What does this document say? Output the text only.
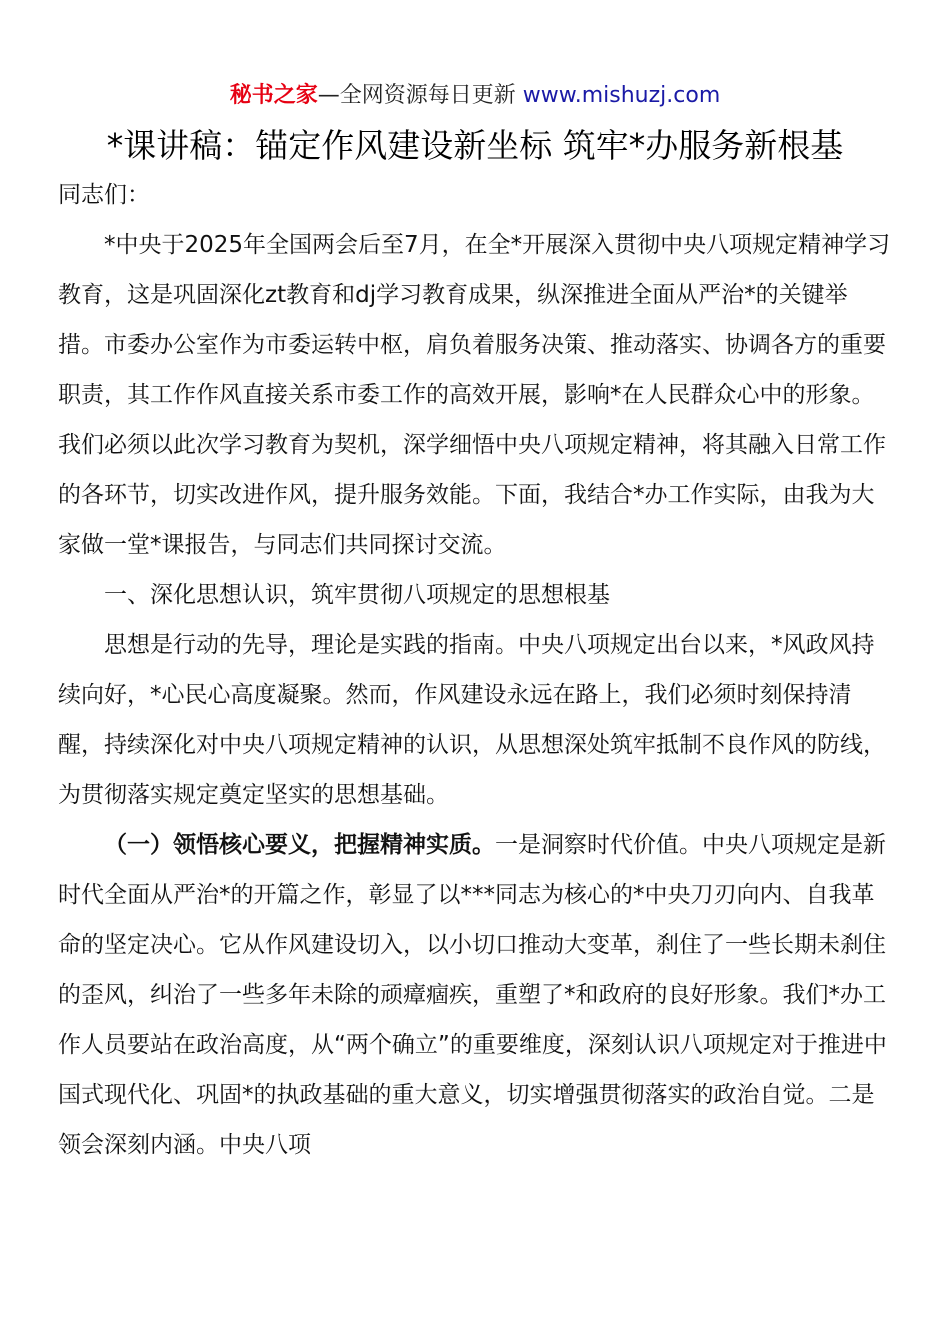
秘书之家—全网资源每日更新 www.mishuzj.com
*课讲稿：锚定作风建设新坐标 筑牢*办服务新根基

同志们：

*中央于2025年全国两会后至7月，在全*开展深入贯彻中央八项规定精神学习教育，这是巩固深化zt教育和dj学习教育成果，纵深推进全面从严治*的关键举措。市委办公室作为市委运转中枢，肩负着服务决策、推动落实、协调各方的重要职责，其工作作风直接关系市委工作的高效开展，影响*在人民群众心中的形象。我们必须以此次学习教育为契机，深学细悟中央八项规定精神，将其融入日常工作的各环节，切实改进作风，提升服务效能。下面，我结合*办工作实际，由我为大家做一堂*课报告，与同志们共同探讨交流。

一、深化思想认识，筑牢贯彻八项规定的思想根基

思想是行动的先导，理论是实践的指南。中央八项规定出台以来，*风政风持续向好，*心民心高度凝聚。然而，作风建设永远在路上，我们必须时刻保持清醒，持续深化对中央八项规定精神的认识，从思想深处筑牢抵制不良作风的防线，为贯彻落实规定奠定坚实的思想基础。

（一）领悟核心要义，把握精神实质。一是洞察时代价值。中央八项规定是新时代全面从严治*的开篇之作，彰显了以***同志为核心的*中央刀刃向内、自我革命的坚定决心。它从作风建设切入，以小切口推动大变革，刹住了一些长期未刹住的歪风，纠治了一些多年未除的顽瘴痼疾，重塑了*和政府的良好形象。我们*办工作人员要站在政治高度，从“两个确立”的重要维度，深刻认识八项规定对于推进中国式现代化、巩固*的执政基础的重大意义，切实增强贯彻落实的政治自觉。二是领会深刻内涵。中央八项
